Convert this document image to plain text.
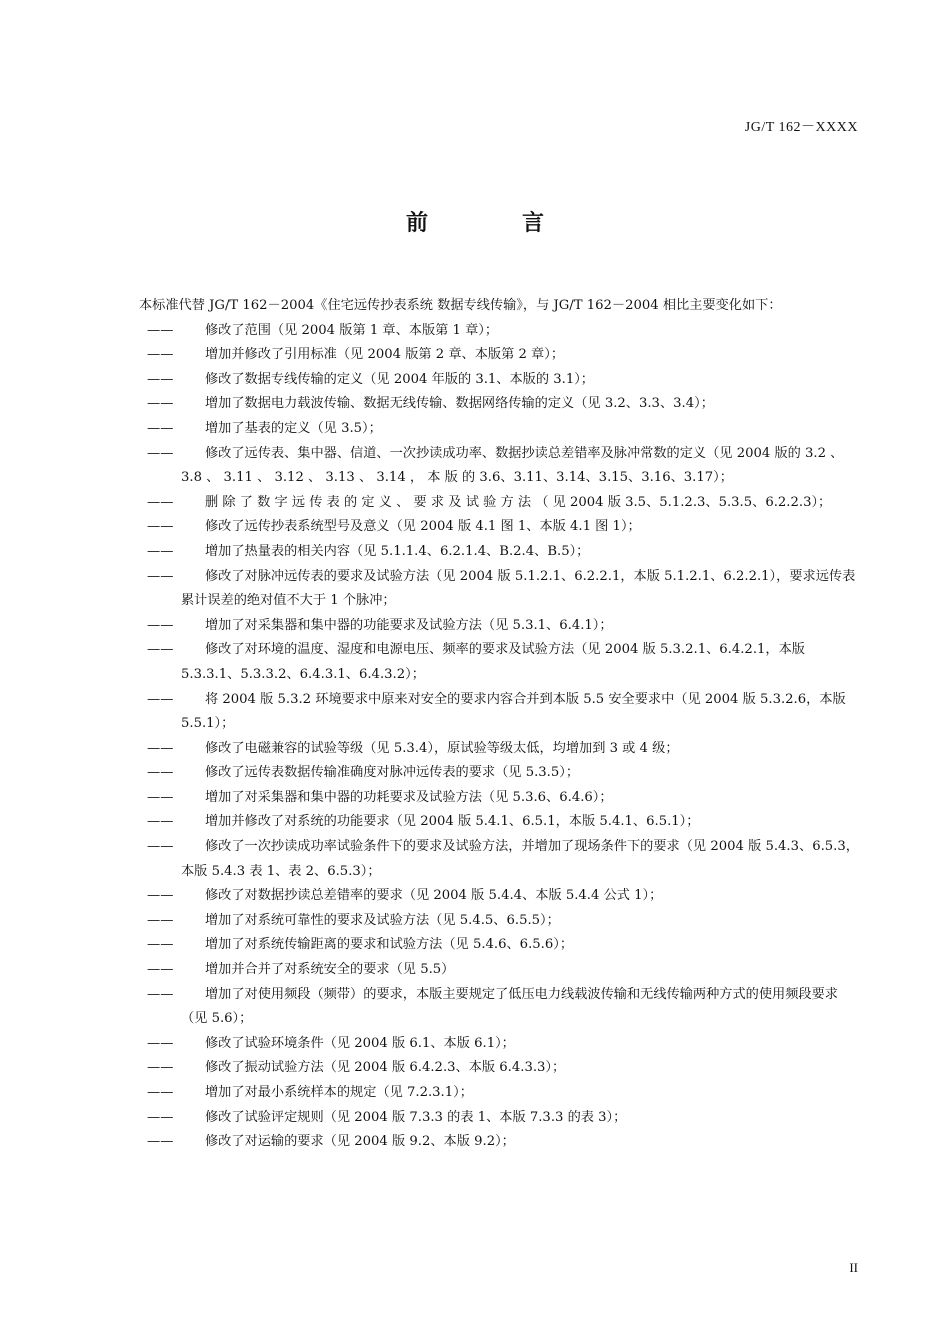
JG/T 162－XXXX
前　言

本标准代替 JG/T 162－2004《住宅远传抄表系统 数据专线传输》，与 JG/T 162－2004 相比主要变化如下：

——	修改了范围（见 2004 版第 1 章、本版第 1 章）；
——	增加并修改了引用标准（见 2004 版第 2 章、本版第 2 章）；
——	修改了数据专线传输的定义（见 2004 年版的 3.1、本版的 3.1）；
——	增加了数据电力载波传输、数据无线传输、数据网络传输的定义（见 3.2、3.3、3.4）；
——	增加了基表的定义（见 3.5）；
——	修改了远传表、集中器、信道、一次抄读成功率、数据抄读总差错率及脉冲常数的定义（见 2004 版的 3.2 、 3.8 、 3.11 、 3.12 、 3.13 、 3.14 ， 本 版 的 3.6、3.11、3.14、3.15、3.16、3.17）；
——	删 除 了 数 字 远 传 表 的 定 义 、 要 求 及 试 验 方 法 （ 见 2004 版 3.5、5.1.2.3、5.3.5、6.2.2.3）；
——	修改了远传抄表系统型号及意义（见 2004 版 4.1 图 1、本版 4.1 图 1）；
——	增加了热量表的相关内容（见 5.1.1.4、6.2.1.4、B.2.4、B.5）；
——	修改了对脉冲远传表的要求及试验方法（见 2004 版 5.1.2.1、6.2.2.1，本版 5.1.2.1、6.2.2.1），要求远传表累计误差的绝对值不大于 1 个脉冲；
——	增加了对采集器和集中器的功能要求及试验方法（见 5.3.1、6.4.1）；
——	修改了对环境的温度、湿度和电源电压、频率的要求及试验方法（见 2004 版 5.3.2.1、6.4.2.1，本版 5.3.3.1、5.3.3.2、6.4.3.1、6.4.3.2）；
——	将 2004 版 5.3.2 环境要求中原来对安全的要求内容合并到本版 5.5 安全要求中（见 2004 版 5.3.2.6，本版 5.5.1）；
——	修改了电磁兼容的试验等级（见 5.3.4），原试验等级太低，均增加到 3 或 4 级；
——	修改了远传表数据传输准确度对脉冲远传表的要求（见 5.3.5）；
——	增加了对采集器和集中器的功耗要求及试验方法（见 5.3.6、6.4.6）；
——	增加并修改了对系统的功能要求（见 2004 版 5.4.1、6.5.1，本版 5.4.1、6.5.1）；
——	修改了一次抄读成功率试验条件下的要求及试验方法，并增加了现场条件下的要求（见 2004 版 5.4.3、6.5.3，本版 5.4.3 表 1、表 2、6.5.3）；
——	修改了对数据抄读总差错率的要求（见 2004 版 5.4.4、本版 5.4.4 公式 1）；
——	增加了对系统可靠性的要求及试验方法（见 5.4.5、6.5.5）；
——	增加了对系统传输距离的要求和试验方法（见 5.4.6、6.5.6）；
——	增加并合并了对系统安全的要求（见 5.5）
——	增加了对使用频段（频带）的要求，本版主要规定了低压电力线载波传输和无线传输两种方式的使用频段要求（见 5.6）；
——	修改了试验环境条件（见 2004 版 6.1、本版 6.1）；
——	修改了振动试验方法（见 2004 版 6.4.2.3、本版 6.4.3.3）；
——	增加了对最小系统样本的规定（见 7.2.3.1）；
——	修改了试验评定规则（见 2004 版 7.3.3 的表 1、本版 7.3.3 的表 3）；
——	修改了对运输的要求（见 2004 版 9.2、本版 9.2）；
II
